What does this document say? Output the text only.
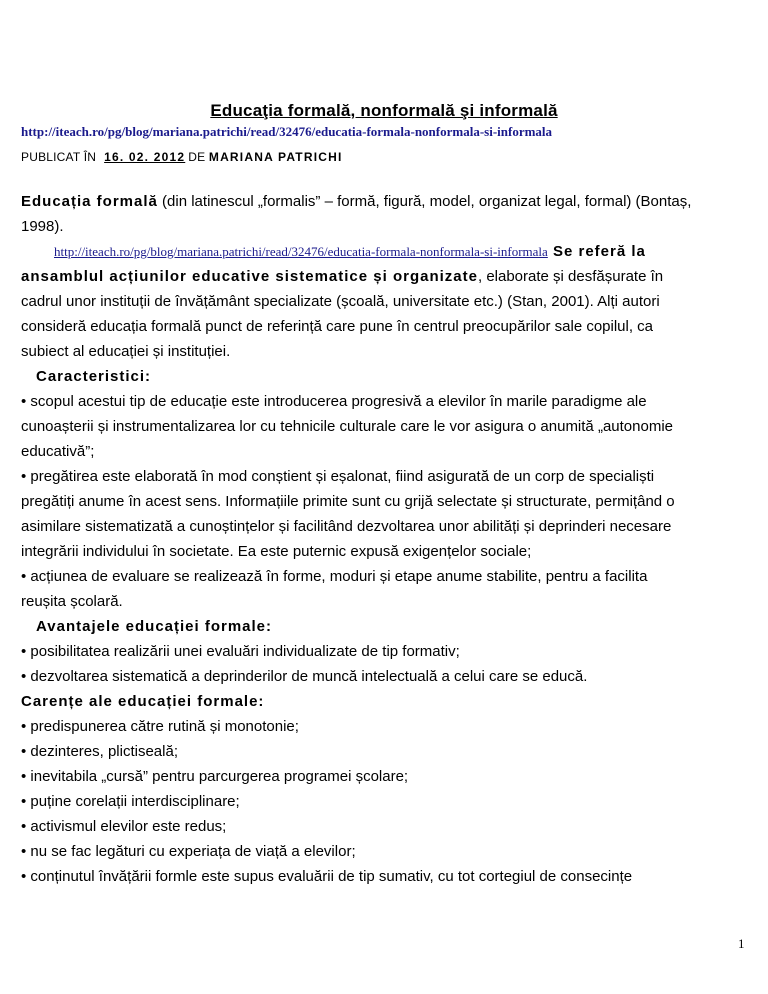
Educaţia formală, nonformală şi informală
http://iteach.ro/pg/blog/mariana.patrichi/read/32476/educatia-formala-nonformala-si-informala
PUBLICAT ÎN 16. 02. 2012 DE MARIANA PATRICHI
Educația formală (din latinescul „formalis” – formă, figură, model, organizat legal, formal) (Bontaș,
1998).
http://iteach.ro/pg/blog/mariana.patrichi/read/32476/educatia-formala-nonformala-si-informala Se referă la
ansamblul acțiunilor educative sistematice și organizate, elaborate și desfășurate în
cadrul unor instituții de învățământ specializate (școală, universitate etc.) (Stan, 2001). Alți autori
consideră educația formală punct de referință care pune în centrul preocupărilor sale copilul, ca
subiect al educației și instituției.
Caracteristici:
• scopul acestui tip de educație este introducerea progresivă a elevilor în marile paradigme ale
cunoașterii și instrumentalizarea lor cu tehnicile culturale care le vor asigura o anumită „autonomie
educativă”;
• pregătirea este elaborată în mod conștient și eșalonat, fiind asigurată de un corp de specialiști
pregătiți anume în acest sens. Informațiile primite sunt cu grijă selectate și structurate, permițând o
asimilare sistematizată a cunoștințelor și facilitând dezvoltarea unor abilități și deprinderi necesare
integrării individului în societate. Ea este puternic expusă exigențelor sociale;
• acțiunea de evaluare se realizează în forme, moduri și etape anume stabilite, pentru a facilita
reușita școlară.
Avantajele educației formale:
• posibilitatea realizării unei evaluări individualizate de tip formativ;
• dezvoltarea sistematică a deprinderilor de muncă intelectuală a celui care se educă.
Carențe ale educației formale:
• predispunerea către rutină și monotonie;
• dezinteres, plictiseală;
• inevitabila „cursă” pentru parcurgerea programei școlare;
• puține corelații interdisciplinare;
• activismul elevilor este redus;
• nu se fac legături cu experiața de viață a elevilor;
• conținutul învățării formle este supus evaluării de tip sumativ, cu tot cortegiul de consecințe
1
